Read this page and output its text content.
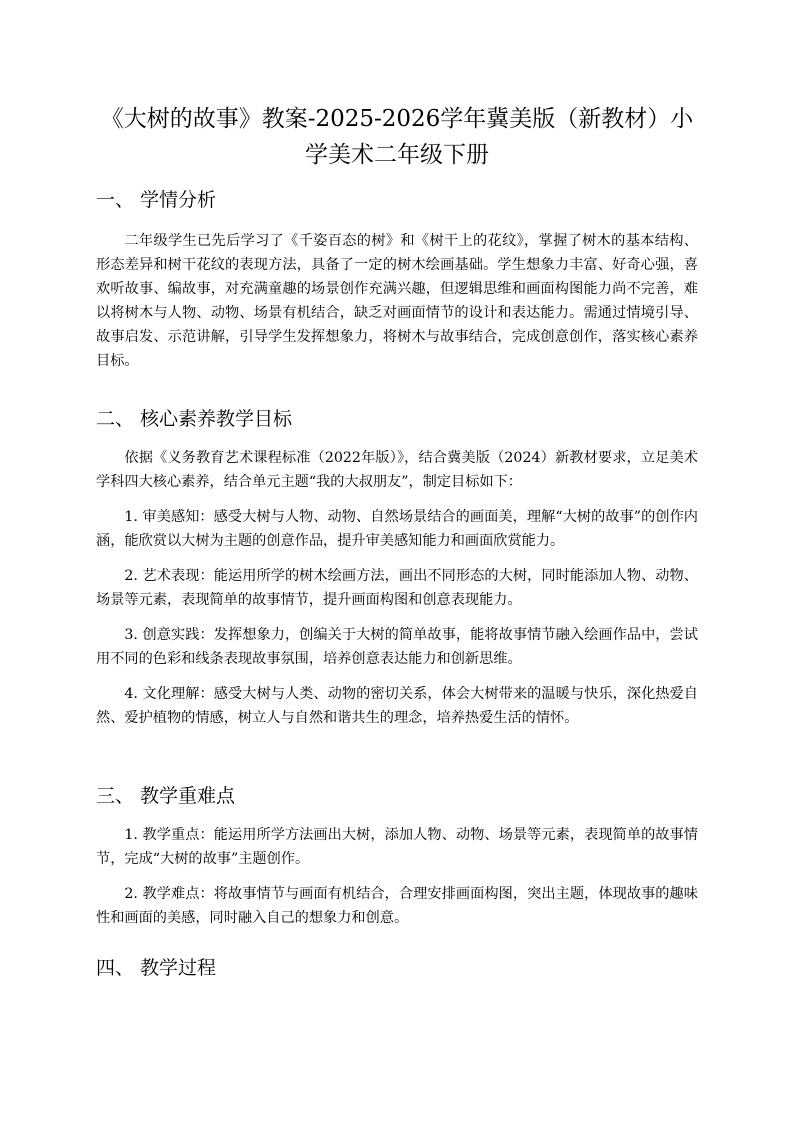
《大树的故事》教案-2025-2026学年冀美版（新教材）小学美术二年级下册
一、 学情分析

二年级学生已先后学习了《千姿百态的树》和《树干上的花纹》，掌握了树木的基本结构、形态差异和树干花纹的表现方法，具备了一定的树木绘画基础。学生想象力丰富、好奇心强，喜欢听故事、编故事，对充满童趣的场景创作充满兴趣，但逻辑思维和画面构图能力尚不完善，难以将树木与人物、动物、场景有机结合，缺乏对画面情节的设计和表达能力。需通过情境引导、故事启发、示范讲解，引导学生发挥想象力，将树木与故事结合，完成创意创作，落实核心素养目标。

二、 核心素养教学目标

依据《义务教育艺术课程标准（2022年版）》，结合冀美版（2024）新教材要求，立足美术学科四大核心素养，结合单元主题“我的大叔朋友”，制定目标如下：

1. 审美感知：感受大树与人物、动物、自然场景结合的画面美，理解“大树的故事”的创作内涵，能欣赏以大树为主题的创意作品，提升审美感知能力和画面欣赏能力。

2. 艺术表现：能运用所学的树木绘画方法，画出不同形态的大树，同时能添加人物、动物、场景等元素，表现简单的故事情节，提升画面构图和创意表现能力。

3. 创意实践：发挥想象力，创编关于大树的简单故事，能将故事情节融入绘画作品中，尝试用不同的色彩和线条表现故事氛围，培养创意表达能力和创新思维。

4. 文化理解：感受大树与人类、动物的密切关系，体会大树带来的温暖与快乐，深化热爱自然、爱护植物的情感，树立人与自然和谐共生的理念，培养热爱生活的情怀。

三、 教学重难点

1. 教学重点：能运用所学方法画出大树，添加人物、动物、场景等元素，表现简单的故事情节，完成“大树的故事”主题创作。

2. 教学难点：将故事情节与画面有机结合，合理安排画面构图，突出主题，体现故事的趣味性和画面的美感，同时融入自己的想象力和创意。

四、 教学过程
